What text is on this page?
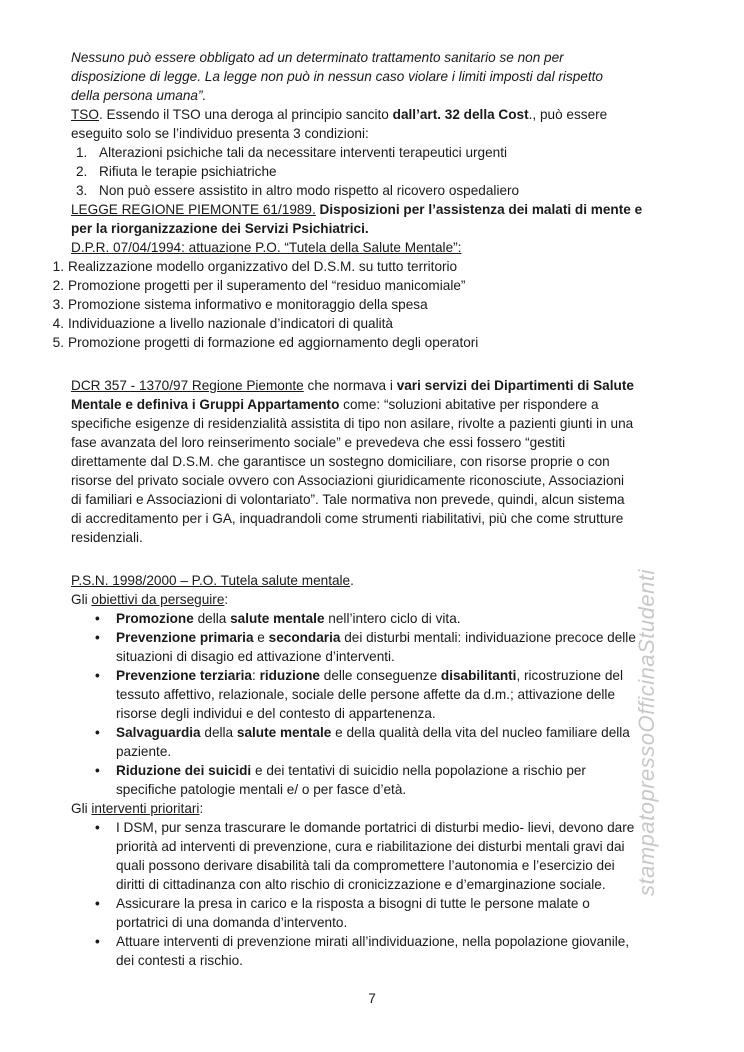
Nessuno può essere obbligato ad un determinato trattamento sanitario se non per

disposizione di legge. La legge non può in nessun caso violare i limiti imposti dal rispetto

della persona umana”.

TSO. Essendo il TSO una deroga al principio sancito dall’art. 32 della Cost., può essere

eseguito solo se l’individuo presenta 3 condizioni:

1. Alterazioni psichiche tali da necessitare interventi terapeutici urgenti
2. Rifiuta le terapie psichiatriche
3. Non può essere assistito in altro modo rispetto al ricovero ospedaliero

LEGGE REGIONE PIEMONTE 61/1989. Disposizioni per l’assistenza dei malati di mente e

per la riorganizzazione dei Servizi Psichiatrici.

D.P.R. 07/04/1994: attuazione P.O. “Tutela della Salute Mentale”:

1. Realizzazione modello organizzativo del D.S.M. su tutto territorio
2. Promozione progetti per il superamento del “residuo manicomiale”
3. Promozione sistema informativo e monitoraggio della spesa
4. Individuazione a livello nazionale d’indicatori di qualità
5. Promozione progetti di formazione ed aggiornamento degli operatori

DCR 357 - 1370/97 Regione Piemonte che normava i vari servizi dei Dipartimenti di Salute

Mentale e definiva i Gruppi Appartamento come: “soluzioni abitative per rispondere a

specifiche esigenze di residenzialità assistita di tipo non asilare, rivolte a pazienti giunti in una

fase avanzata del loro reinserimento sociale” e prevedeva che essi fossero “gestiti

direttamente dal D.S.M. che garantisce un sostegno domiciliare, con risorse proprie o con

risorse del privato sociale ovvero con Associazioni giuridicamente riconosciute, Associazioni

di familiari e Associazioni di volontariato”. Tale normativa non prevede, quindi, alcun sistema

di accreditamento per i GA, inquadrandoli come strumenti riabilitativi, più che come strutture

residenziali.

P.S.N. 1998/2000 – P.O. Tutela salute mentale.

Gli obiettivi da perseguire:

• Promozione della salute mentale nell’intero ciclo di vita.
• Prevenzione primaria e secondaria dei disturbi mentali: individuazione precoce delle
situazioni di disagio ed attivazione d’interventi.
• Prevenzione terziaria: riduzione delle conseguenze disabilitanti, ricostruzione del
tessuto affettivo, relazionale, sociale delle persone affette da d.m.; attivazione delle
risorse degli individui e del contesto di appartenenza.
• Salvaguardia della salute mentale e della qualità della vita del nucleo familiare della
paziente.
• Riduzione dei suicidi e dei tentativi di suicidio nella popolazione a rischio per
specifiche patologie mentali e/ o per fasce d’età.

Gli interventi prioritari:

• I DSM, pur senza trascurare le domande portatrici di disturbi medio- lievi, devono dare
priorità ad interventi di prevenzione, cura e riabilitazione dei disturbi mentali gravi dai
quali possono derivare disabilità tali da compromettere l’autonomia e l’esercizio dei
diritti di cittadinanza con alto rischio di cronicizzazione e d’emarginazione sociale.
• Assicurare la presa in carico e la risposta a bisogni di tutte le persone malate o
portatrici di una domanda d’intervento.
• Attuare interventi di prevenzione mirati all’individuazione, nella popolazione giovanile,
dei contesti a rischio.
stampatopressoOfficinaStudenti
7
